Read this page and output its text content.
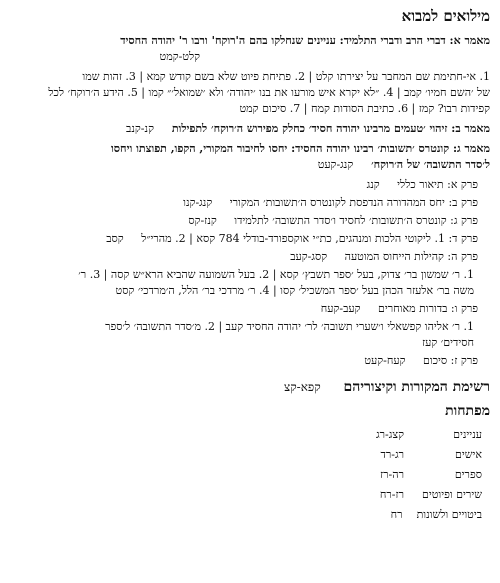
מילואים למבוא
מאמר א: דברי הרב ודברי התלמיד: עניינים שנחלקו בהם ה'רוקח' ורבו ר' יהודה החסיד
קלט-קמט
1. אי-חתימת שם המחבר על יצירתו קלט | 2. פתיחת פיוט שלא בשם קודש קמא | 3. זהות שמו
של ׳השם חמיו׳ קמב | 4. ״לא יקרא איש מורעו את בנו ׳יהודה׳ ולא ׳שמואל׳״ קמו | 5. הידע ה׳רוקח׳ לכל
קפידות רבו? קמז | 6. כתיבת הסודות קמח | 7. סיכום קמט
מאמר ב: זיהוי ׳טעמים מרבינו יהודה חסיד׳ כחלק מפירוש ה׳רוקח׳ לתפילות קנ-קנב
מאמר ג: קונטרס ׳תשובות׳ רבינו יהודה החסיד: יחסו לחיבור המקורי, הקפו, תפוצתו ויחסו
ל׳סדר התשובה׳ של ה׳רוקח׳ קנג-קעט
פרק א: תיאור כללי קנג
פרק ב: יחס המהדורה הנדפסת לקונטרס ה׳תשובות׳ המקורי קנג-קנו
פרק ג: קונטרס ה׳תשובות׳ לחסיד ו׳סדר התשובה׳ לתלמידו קנז-קס
פרק ד: 1. ליקוטי הלכות ומנהגים, כת״י אוקספורד-בודלי 784 קסא | 2. מהרי״ל קסב
פרק ה: קהילות הייחוס המוטעה קסג-קעב
1. ר׳ שמשון בר׳ צדוק, בעל ׳ספר תשבץ׳ קסא | 2. בעל השמועה שהביא הרא״ש קסה | 3. ר׳
משה בר׳ אלעזר הכהן בעל ׳ספר המשכיל׳ קסו | 4. ר׳ מרדכי בר׳ הלל, ה׳מרדכי׳ קסט
פרק ו: בדורות מאוחרים קעב-קעח
1. ר׳ אליהו קפשאלי ו׳שערי תשובה׳ לר׳ יהודה החסיד קעב | 2. מ׳סדר התשובה׳ ל׳ספר
חסידים׳ קעז
פרק ז: סיכום קעח-קעט
רשימת המקורות וקיצוריהם קפא-קצ
מפתחות
עניינים
קצג-רג
אישים
רג-רד
ספרים
רה-רז
שירים ופיוטים
רז-רח
ביטויים ולשונות
רח
